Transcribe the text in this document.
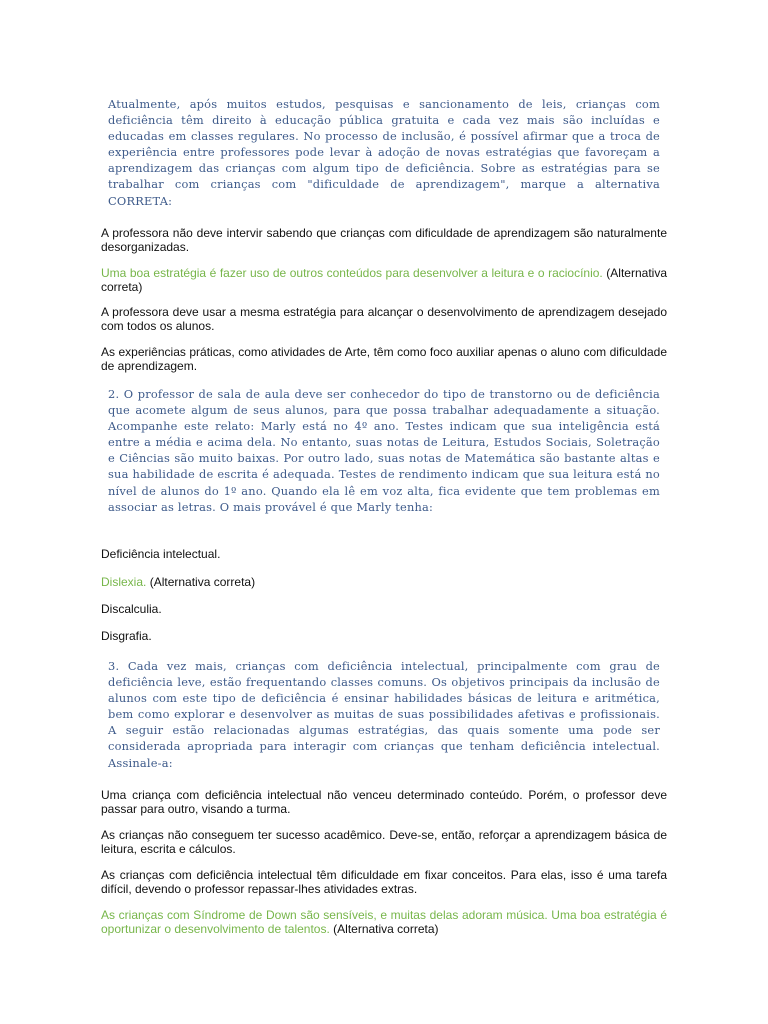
Atualmente, após muitos estudos, pesquisas e sancionamento de leis, crianças com deficiência têm direito à educação pública gratuita e cada vez mais são incluídas e educadas em classes regulares. No processo de inclusão, é possível afirmar que a troca de experiência entre professores pode levar à adoção de novas estratégias que favoreçam a aprendizagem das crianças com algum tipo de deficiência. Sobre as estratégias para se trabalhar com crianças com "dificuldade de aprendizagem", marque a alternativa CORRETA:

A professora não deve intervir sabendo que crianças com dificuldade de aprendizagem são naturalmente desorganizadas.

Uma boa estratégia é fazer uso de outros conteúdos para desenvolver a leitura e o raciocínio. (Alternativa correta)

A professora deve usar a mesma estratégia para alcançar o desenvolvimento de aprendizagem desejado com todos os alunos.

As experiências práticas, como atividades de Arte, têm como foco auxiliar apenas o aluno com dificuldade de aprendizagem.

2. O professor de sala de aula deve ser conhecedor do tipo de transtorno ou de deficiência que acomete algum de seus alunos, para que possa trabalhar adequadamente a situação. Acompanhe este relato: Marly está no 4º ano. Testes indicam que sua inteligência está entre a média e acima dela. No entanto, suas notas de Leitura, Estudos Sociais, Soletração e Ciências são muito baixas. Por outro lado, suas notas de Matemática são bastante altas e sua habilidade de escrita é adequada. Testes de rendimento indicam que sua leitura está no nível de alunos do 1º ano. Quando ela lê em voz alta, fica evidente que tem problemas em associar as letras. O mais provável é que Marly tenha:

Deficiência intelectual.

Dislexia. (Alternativa correta)

Discalculia.

Disgrafia.

3. Cada vez mais, crianças com deficiência intelectual, principalmente com grau de deficiência leve, estão frequentando classes comuns. Os objetivos principais da inclusão de alunos com este tipo de deficiência é ensinar habilidades básicas de leitura e aritmética, bem como explorar e desenvolver as muitas de suas possibilidades afetivas e profissionais. A seguir estão relacionadas algumas estratégias, das quais somente uma pode ser considerada apropriada para interagir com crianças que tenham deficiência intelectual. Assinale-a:

Uma criança com deficiência intelectual não venceu determinado conteúdo. Porém, o professor deve passar para outro, visando a turma.

As crianças não conseguem ter sucesso acadêmico. Deve-se, então, reforçar a aprendizagem básica de leitura, escrita e cálculos.

As crianças com deficiência intelectual têm dificuldade em fixar conceitos. Para elas, isso é uma tarefa difícil, devendo o professor repassar-lhes atividades extras.

As crianças com Síndrome de Down são sensíveis, e muitas delas adoram música. Uma boa estratégia é oportunizar o desenvolvimento de talentos. (Alternativa correta)
